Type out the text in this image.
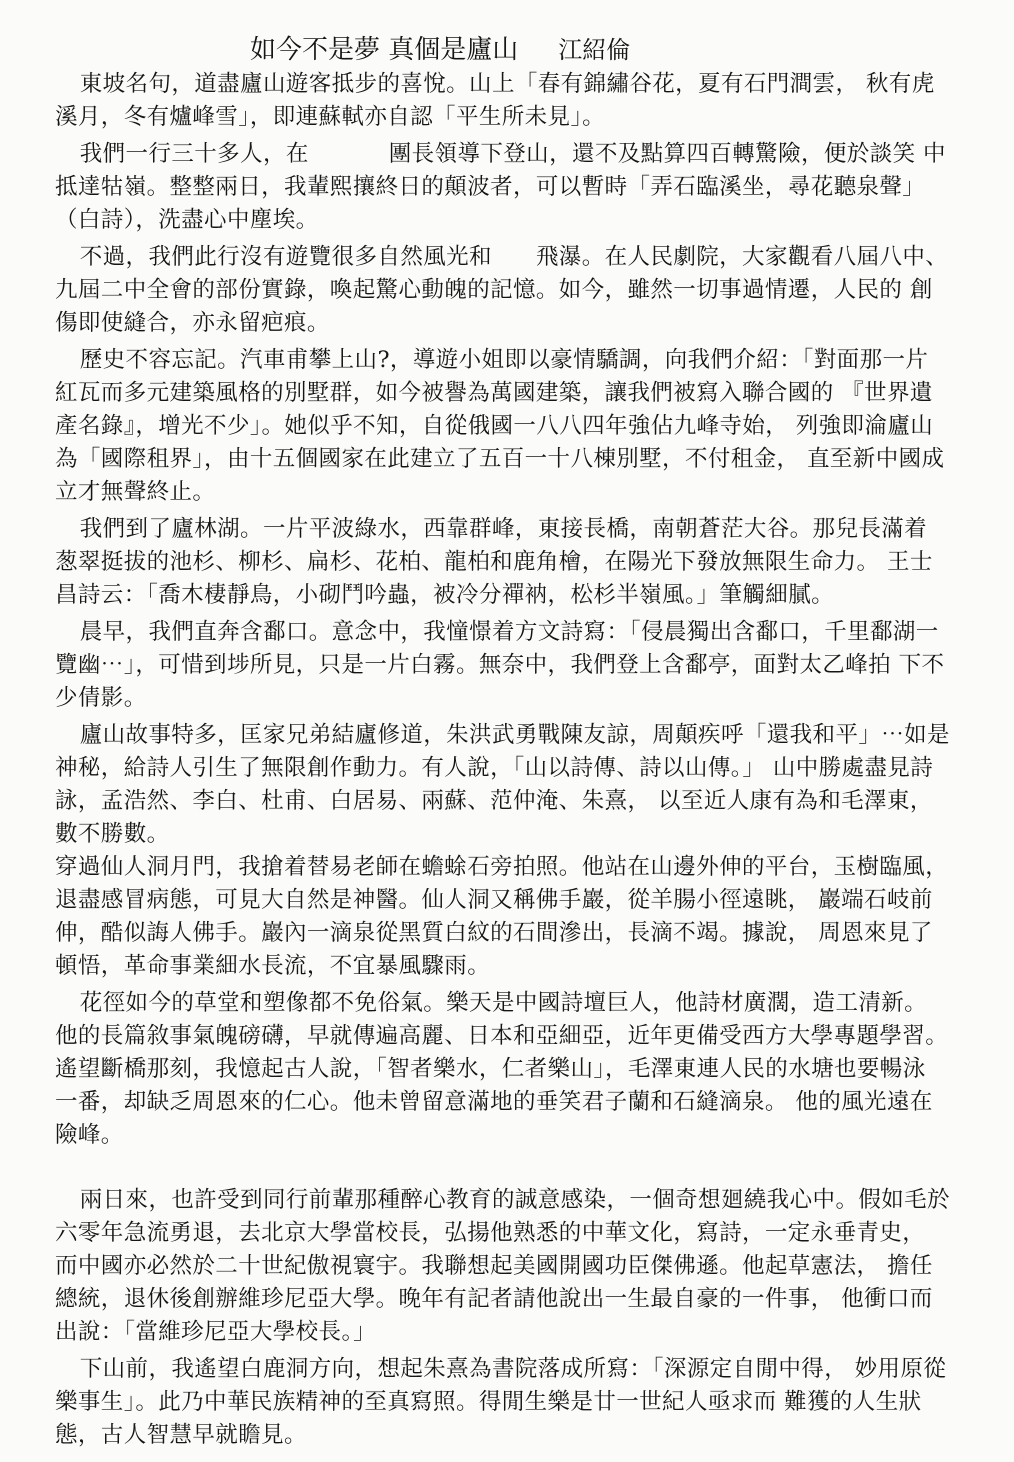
如今不是夢 真個是廬山 江紹倫

東坡名句，道盡廬山遊客抵步的喜悅。山上「春有錦繡谷花，夏有石門澗雲， 秋有虎溪月，冬有爐峰雪」，即連蘇軾亦自認「平生所未見」。

我們一行三十多人，在	團長領導下登山，還不及點算四百轉驚險，便於談笑 中抵達牯嶺。整整兩日，我輩熙攘終日的顛波者，可以暫時「弄石臨溪坐，尋花聽泉聲」（白詩），洗盡心中塵埃。

不過，我們此行沒有遊覽很多自然風光和 飛瀑。在人民劇院，大家觀看八屆八中、 九屆二中全會的部份實錄，喚起驚心動魄的記憶。如今，雖然一切事過情遷，人民的 創傷即使縫合，亦永留疤痕。

歷史不容忘記。汽車甫攀上山?，導遊小姐即以豪情驕調，向我們介紹：「對面那一片 紅瓦而多元建築風格的別墅群，如今被譽為萬國建築，讓我們被寫入聯合國的 『世界遺產名錄』，增光不少」。她似乎不知，自從俄國一八八四年強佔九峰寺始， 列強即淪廬山為「國際租界」，由十五個國家在此建立了五百一十八棟別墅，不付租金， 直至新中國成立才無聲終止。

我們到了廬林湖。一片平波綠水，西靠群峰，東接長橋，南朝蒼茫大谷。那兒長滿着 葱翠挺拔的池杉、柳杉、扁杉、花柏、龍柏和鹿角檜，在陽光下發放無限生命力。 王士昌詩云：「喬木棲靜鳥，小砌鬥吟蟲，被冷分禪衲，松杉半嶺風。」筆觸細膩。

晨早，我們直奔含鄱口。意念中，我憧憬着方文詩寫：「侵晨獨出含鄱口，千里鄱湖一 覽幽⋯」，可惜到埗所見，只是一片白霧。無奈中，我們登上含鄱亭，面對太乙峰拍 下不少倩影。

廬山故事特多，匡家兄弟結廬修道，朱洪武勇戰陳友諒，周顛疾呼「還我和平」⋯如是 神秘，給詩人引生了無限創作動力。有人說，「山以詩傳、詩以山傳。」 山中勝處盡見詩詠，孟浩然、李白、杜甫、白居易、兩蘇、范仲淹、朱熹， 以至近人康有為和毛澤東，數不勝數。

穿過仙人洞月門，我搶着替易老師在蟾蜍石旁拍照。他站在山邊外伸的平台，玉樹臨風， 退盡感冒病態，可見大自然是神醫。仙人洞又稱佛手巖，從羊腸小徑遠眺， 巖端石岐前伸，酷似誨人佛手。巖內一滴泉從黑質白紋的石間滲出，長滴不竭。據說， 周恩來見了頓悟，革命事業細水長流，不宜暴風驟雨。

花徑如今的草堂和塑像都不免俗氣。樂天是中國詩壇巨人，他詩材廣濶，造工清新。 他的長篇敘事氣魄磅礴，早就傳遍高麗、日本和亞細亞，近年更備受西方大學專題學習。

遙望斷橋那刻，我憶起古人說，「智者樂水，仁者樂山」，毛澤東連人民的水塘也要暢泳 一番，却缺乏周恩來的仁心。他未曾留意滿地的垂笑君子蘭和石縫滴泉。 他的風光遠在險峰。

兩日來，也許受到同行前輩那種醉心教育的誠意感染，一個奇想廻繞我心中。假如毛於 六零年急流勇退，去北京大學當校長，弘揚他熟悉的中華文化，寫詩，一定永垂青史， 而中國亦必然於二十世紀傲視寰宇。我聯想起美國開國功臣傑佛遜。他起草憲法， 擔任總統，退休後創辦維珍尼亞大學。晚年有記者請他說出一生最自豪的一件事， 他衝口而出說：「當維珍尼亞大學校長。」

下山前，我遙望白鹿洞方向，想起朱熹為書院落成所寫：「深源定自閒中得， 妙用原從樂事生」。此乃中華民族精神的至真寫照。得閒生樂是廿一世紀人亟求而 難獲的人生狀態，古人智慧早就瞻見。
